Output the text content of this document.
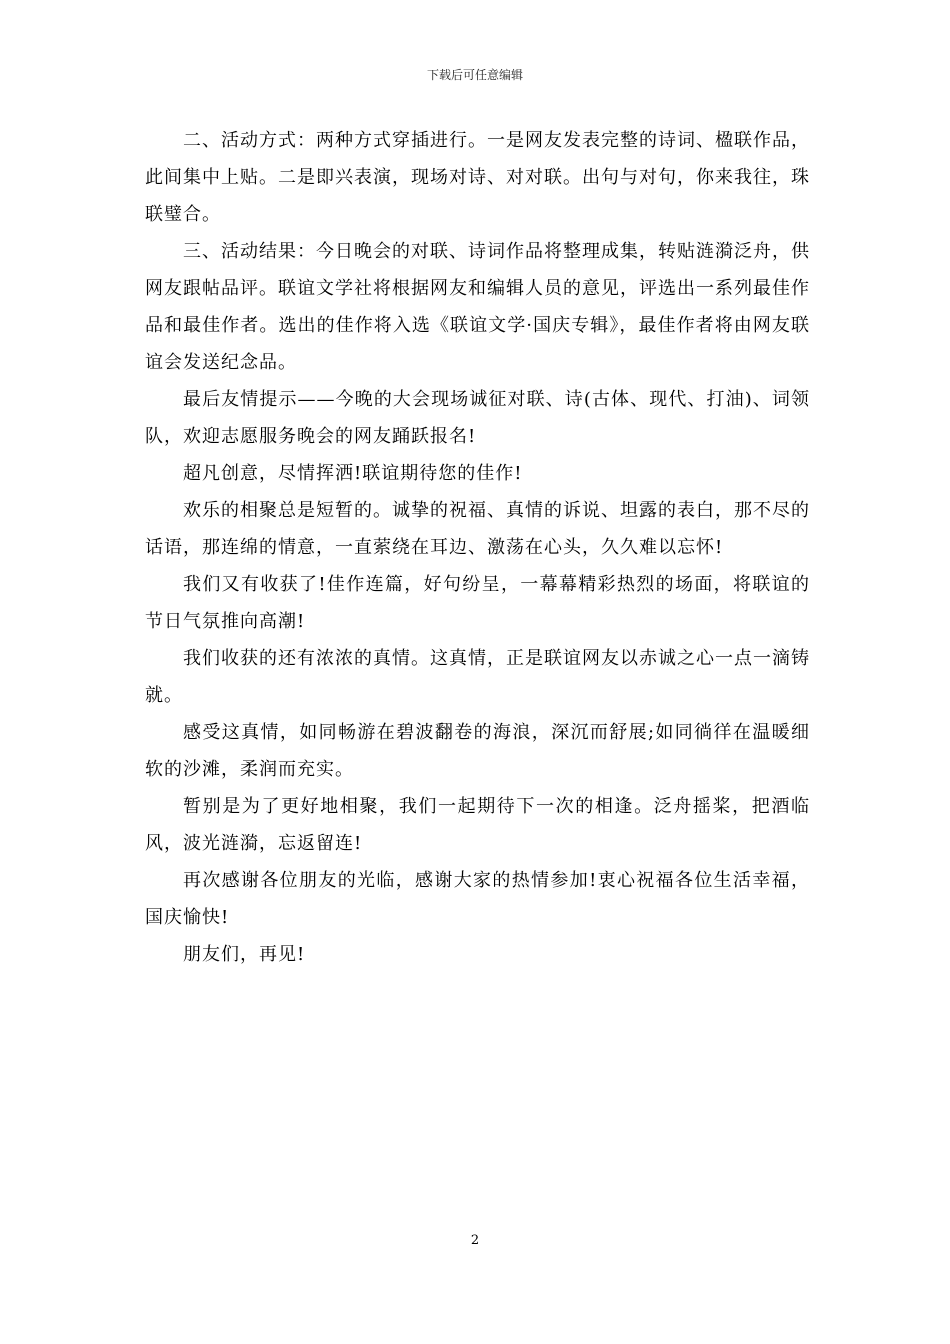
下载后可任意编辑

二、活动方式：两种方式穿插进行。一是网友发表完整的诗词、楹联作品，此间集中上贴。二是即兴表演，现场对诗、对对联。出句与对句，你来我往，珠联璧合。

三、活动结果：今日晚会的对联、诗词作品将整理成集，转贴涟漪泛舟，供网友跟帖品评。联谊文学社将根据网友和编辑人员的意见，评选出一系列最佳作品和最佳作者。选出的佳作将入选《联谊文学·国庆专辑》，最佳作者将由网友联谊会发送纪念品。

最后友情提示——今晚的大会现场诚征对联、诗(古体、现代、打油)、词领队，欢迎志愿服务晚会的网友踊跃报名!

超凡创意，尽情挥洒!联谊期待您的佳作!

欢乐的相聚总是短暂的。诚挚的祝福、真情的诉说、坦露的表白，那不尽的话语，那连绵的情意，一直萦绕在耳边、激荡在心头，久久难以忘怀!

我们又有收获了!佳作连篇，好句纷呈，一幕幕精彩热烈的场面，将联谊的节日气氛推向高潮!

我们收获的还有浓浓的真情。这真情，正是联谊网友以赤诚之心一点一滴铸就。

感受这真情，如同畅游在碧波翻卷的海浪，深沉而舒展;如同徜徉在温暖细软的沙滩，柔润而充实。

暂别是为了更好地相聚，我们一起期待下一次的相逢。泛舟摇桨，把酒临风，波光涟漪，忘返留连!

再次感谢各位朋友的光临，感谢大家的热情参加!衷心祝福各位生活幸福，国庆愉快!

朋友们，再见!

2
